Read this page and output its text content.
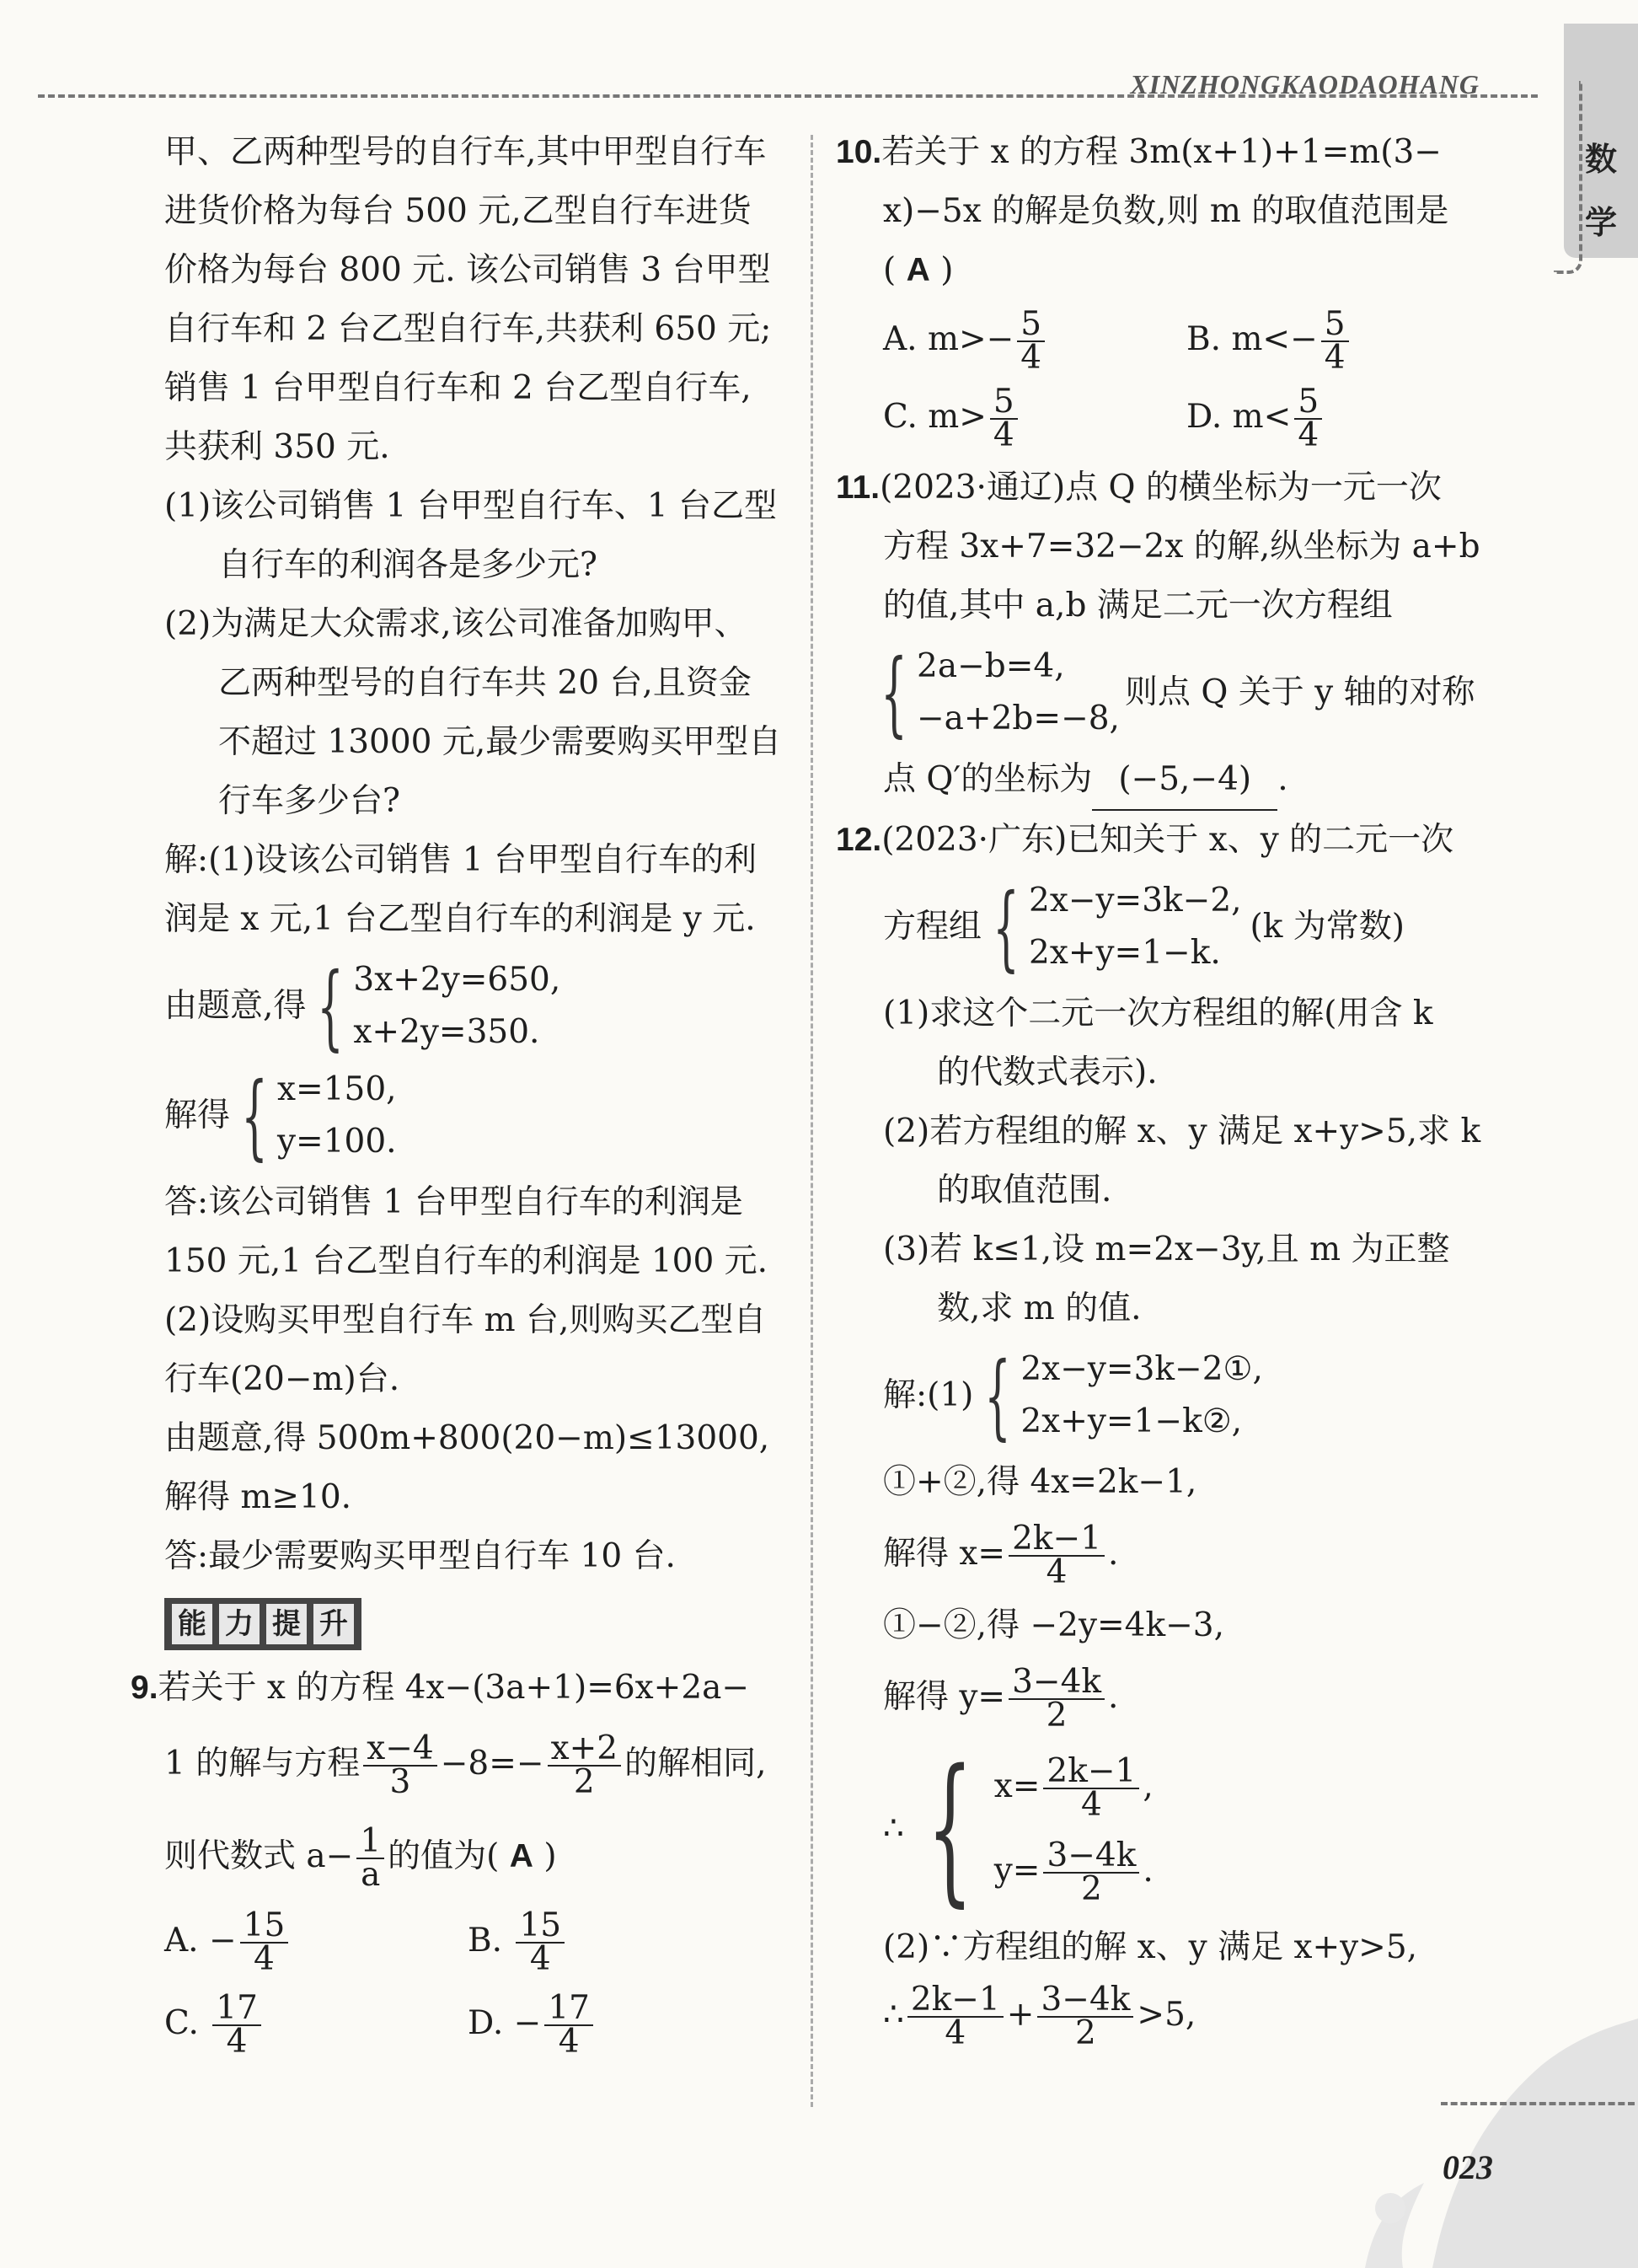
XINZHONGKAODAOHANG
数
学

甲、乙两种型号的自行车,其中甲型自行车

进货价格为每台 500 元,乙型自行车进货

价格为每台 800 元. 该公司销售 3 台甲型

自行车和 2 台乙型自行车,共获利 650 元;

销售 1 台甲型自行车和 2 台乙型自行车,

共获利 350 元.

(1)该公司销售 1 台甲型自行车、1 台乙型

自行车的利润各是多少元?

(2)为满足大众需求,该公司准备加购甲、

乙两种型号的自行车共 20 台,且资金

不超过 13000 元,最少需要购买甲型自

行车多少台?

解:(1)设该公司销售 1 台甲型自行车的利

润是 x 元,1 台乙型自行车的利润是 y 元.

由题意,得 { 3x+2y=650,
x+2y=350.
解得 { x=150,
y=100.

答:该公司销售 1 台甲型自行车的利润是

150 元,1 台乙型自行车的利润是 100 元.

(2)设购买甲型自行车 m 台,则购买乙型自

行车(20−m)台.

由题意,得 500m+800(20−m)≤13000,

解得 m≥10.

答:最少需要购买甲型自行车 10 台.

能 力 提 升

9.若关于 x 的方程 4x−(3a+1)=6x+2a−

1 的解与方程 $\frac{x-4}{3} -8=- \frac{x+2}{2}$ 的解相同,

则代数式 $a- \frac{1}{a}$ 的值为( A )

A. − $\frac{15}{4}$	B. $\frac{15}{4}$
C. $\frac{17}{4}$	D. − $\frac{17}{4}$

10.若关于 x 的方程 3m(x+1)+1=m(3−

x)−5x 的解是负数,则 m 的取值范围是

( A )

A. $m>- \frac{5}{4}$	B. $m<- \frac{5}{4}$
C. $m> \frac{5}{4}$	D. $m< \frac{5}{4}$

11.(2023·通辽)点 Q 的横坐标为一元一次

方程 3x+7=32−2x 的解,纵坐标为 a+b

的值,其中 a,b 满足二元一次方程组

{ 2a−b=4,
−a+2b=−8,
则点 Q 关于 y 轴的对称

点 Q′的坐标为 (−5,−4) .

12.(2023·广东)已知关于 x、y 的二元一次

方程组 { 2x−y=3k−2,
2x+y=1−k.
(k 为常数)

(1)求这个二元一次方程组的解(用含 k

的代数式表示).

(2)若方程组的解 x、y 满足 x+y>5,求 k

的取值范围.

(3)若 k≤1,设 m=2x−3y,且 m 为正整

数,求 m 的值.

解:(1) { 2x−y=3k−2①,
2x+y=1−k②,

①+②,得 4x=2k−1,

解得 $x= \frac{2k-1}{4}$ .

①−②,得 −2y=4k−3,

解得 $y= \frac{3-4k}{2}$ .

∴ { $x= \frac{2k-1}{4}$ ,
$y= \frac{3-4k}{2}$ .

(2)∵方程组的解 x、y 满足 x+y>5,

∴ $\frac{2k-1}{4} + \frac{3-4k}{2} >5$,

023
